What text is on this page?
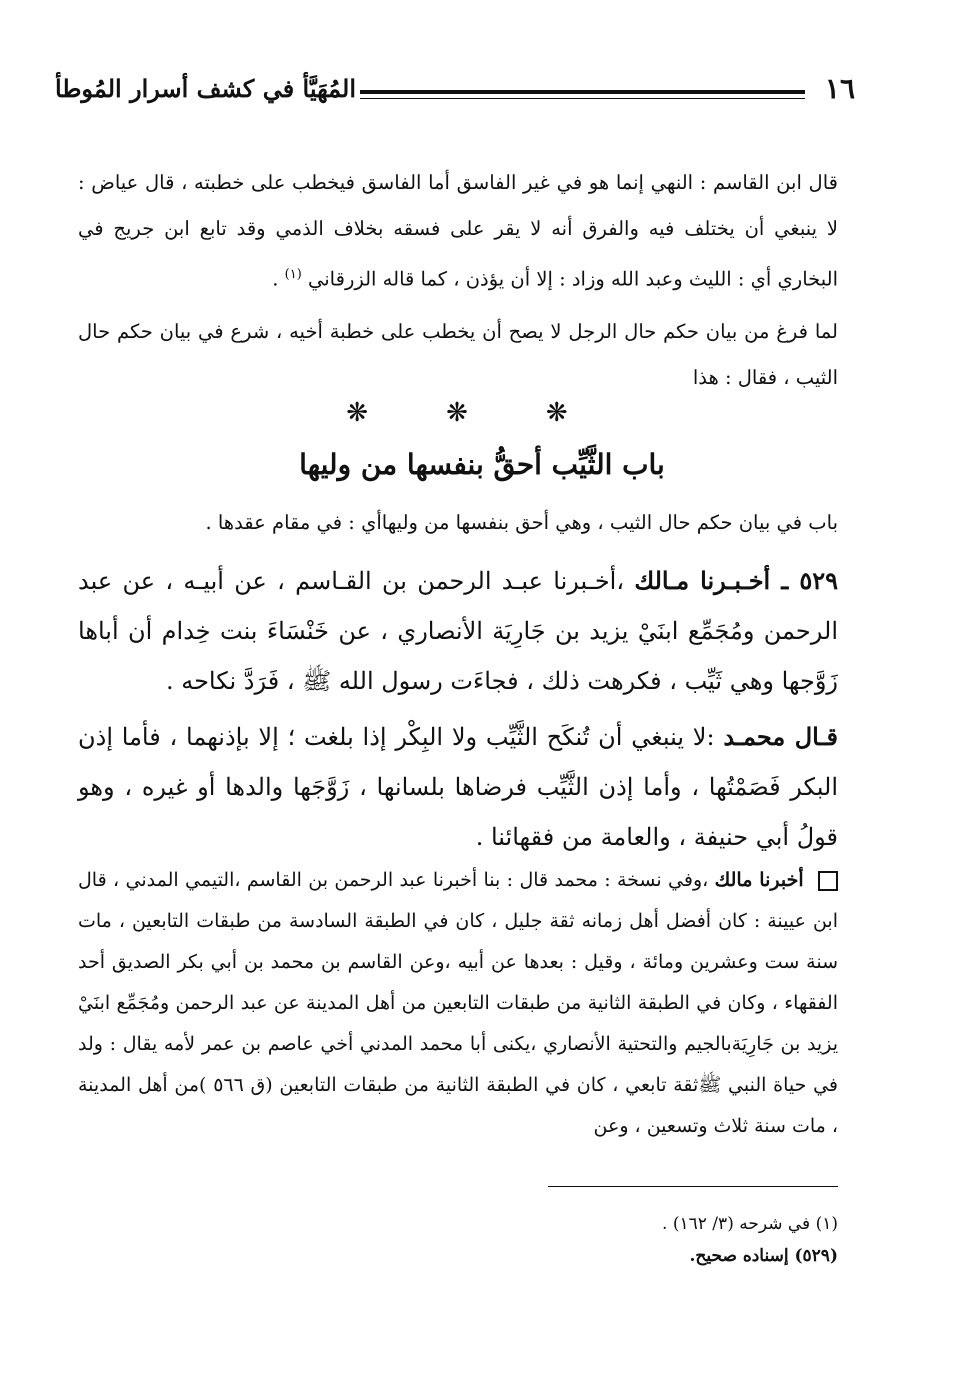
١٦
المُهَيَّأ في كشف أسرار المُوطأ

قال ابن القاسم : النهي إنما هو في غير الفاسق أما الفاسق فيخطب على خطبته ، قال عياض : لا ينبغي أن يختلف فيه والفرق أنه لا يقر على فسقه بخلاف الذمي وقد تابع ابن جريج في البخاري أي : الليث وعبد الله وزاد : إلا أن يؤذن ، كما قاله الزرقاني $^{(١)}$ .

لما فرغ من بيان حكم حال الرجل لا يصح أن يخطب على خطبة أخيه ، شرع في بيان حكم حال الثيب ، فقال : هذا

❋ ❋ ❋
باب الثَّيِّب أحقُّ بنفسها من وليها

باب في بيان حكم حال الثيب ، وهي أحق بنفسها من وليهاأي : في مقام عقدها .

٥٢٩ ـ أخـبـرنا مـالك ،أخـبرنا عبـد الرحمن بن القـاسم ، عن أبيـه ، عن عبد الرحمن ومُجَمِّع ابنَيْ يزيد بن جَارِيَة الأنصاري ، عن خَنْسَاءَ بنت خِدام أن أباها زَوَّجها وهي ثَيِّب ، فكرهت ذلك ، فجاءَت رسول الله ﷺ ، فَرَدَّ نكاحه .

قـال محمـد :لا ينبغي أن تُنكَح الثَّيِّب ولا البِكْر إذا بلغت ؛ إلا بإذنهما ، فأما إذن البكر فَصَمْتُها ، وأما إذن الثَّيِّب فرضاها بلسانها ، زَوَّجَها والدها أو غيره ، وهو قولُ أبي حنيفة ، والعامة من فقهائنا .

أخبرنا مالك ،وفي نسخة : محمد قال : بنا أخبرنا عبد الرحمن بن القاسم ،التيمي المدني ، قال ابن عيينة : كان أفضل أهل زمانه ثقة جليل ، كان في الطبقة السادسة من طبقات التابعين ، مات سنة ست وعشرين ومائة ، وقيل : بعدها عن أبيه ،وعن القاسم بن محمد بن أبي بكر الصديق أحد الفقهاء ، وكان في الطبقة الثانية من طبقات التابعين من أهل المدينة عن عبد الرحمن ومُجَمِّع ابنَيْ يزيد بن جَارِيَةبالجيم والتحتية الأنصاري ،يكنى أبا محمد المدني أخي عاصم بن عمر لأمه يقال : ولد في حياة النبي ﷺثقة تابعي ، كان في الطبقة الثانية من طبقات التابعين (ق ٥٦٦ )من أهل المدينة ، مات سنة ثلاث وتسعين ، وعن

(١) في شرحه (٣/ ١٦٢) .

(٥٢٩) إسناده صحيح.
